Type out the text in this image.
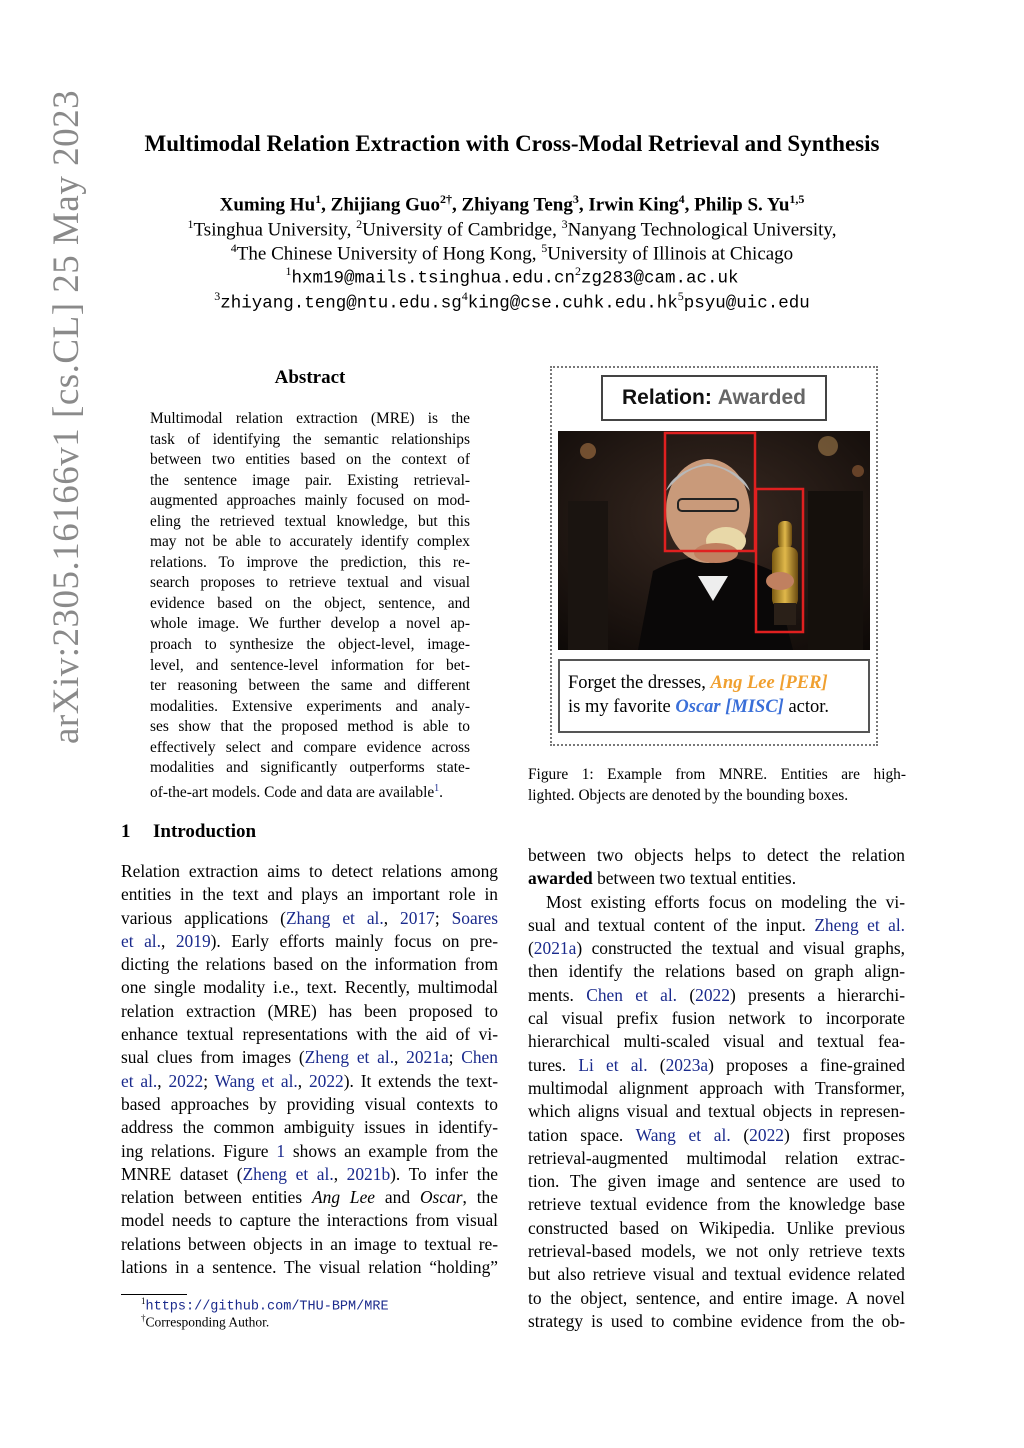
arXiv:2305.16166v1 [cs.CL] 25 May 2023	Multimodal Relation Extraction with Cross-Modal Retrieval and Synthesis
Xuming Hu$^1$, Zhijiang Guo$^{2\dagger}$, Zhiyang Teng$^3$, Irwin King$^4$, Philip S. Yu$^{1,5}$
$^1$Tsinghua University, $^2$University of Cambridge, $^3$Nanyang Technological University,
$^4$The Chinese University of Hong Kong, $^5$University of Illinois at Chicago
$^1hxm19@mails.tsinghua.edu.cn^2zg283@cam.ac.uk$
$^3zhiyang.teng@ntu.edu.sg^4king@cse.cuhk.edu.hk^5psyu@uic.edu$
Abstract
Multimodal relation extraction (MRE) is the
task of identifying the semantic relationships
between two entities based on the context of
the sentence image pair. Existing retrieval-
augmented approaches mainly focused on mod-
eling the retrieved textual knowledge, but this
may not be able to accurately identify complex
relations. To improve the prediction, this re-
search proposes to retrieve textual and visual
evidence based on the object, sentence, and
whole image. We further develop a novel ap-
proach to synthesize the object-level, image-
level, and sentence-level information for bet-
ter reasoning between the same and different
modalities. Extensive experiments and analy-
ses show that the proposed method is able to
effectively select and compare evidence across
modalities and significantly outperforms state-
of-the-art models. Code and data are available$^1$.
1 Introduction
Relation extraction aims to detect relations among
entities in the text and plays an important role in
various applications (Zhang et al., 2017; Soares
et al., 2019). Early efforts mainly focus on pre-
dicting the relations based on the information from
one single modality i.e., text. Recently, multimodal
relation extraction (MRE) has been proposed to
enhance textual representations with the aid of vi-
sual clues from images (Zheng et al., 2021a; Chen
et al., 2022; Wang et al., 2022). It extends the text-
based approaches by providing visual contexts to
address the common ambiguity issues in identify-
ing relations. Figure 1 shows an example from the
MNRE dataset (Zheng et al., 2021b). To infer the
relation between entities Ang Lee and Oscar, the
model needs to capture the interactions from visual
relations between objects in an image to textual re-
lations in a sentence. The visual relation “holding”
between two objects helps to detect the relation
awarded between two textual entities.
Most existing efforts focus on modeling the vi-
sual and textual content of the input. Zheng et al.
(2021a) constructed the textual and visual graphs,
then identify the relations based on graph align-
ments. Chen et al. (2022) presents a hierarchi-
cal visual prefix fusion network to incorporate
hierarchical multi-scaled visual and textual fea-
tures. Li et al. (2023a) proposes a fine-grained
multimodal alignment approach with Transformer,
which aligns visual and textual objects in represen-
tation space. Wang et al. (2022) first proposes
retrieval-augmented multimodal relation extrac-
tion. The given image and sentence are used to
retrieve textual evidence from the knowledge base
constructed based on Wikipedia. Unlike previous
retrieval-based models, we not only retrieve texts
but also retrieve visual and textual evidence related
to the object, sentence, and entire image. A novel
strategy is used to combine evidence from the ob-
Relation: Awarded
Forget the dresses, Ang Lee [PER]
is my favorite Oscar [MISC] actor.
Figure 1: Example from MNRE. Entities are high-
lighted. Objects are denoted by the bounding boxes.
$^1$https://github.com/THU-BPM/MRE
†Corresponding Author.
